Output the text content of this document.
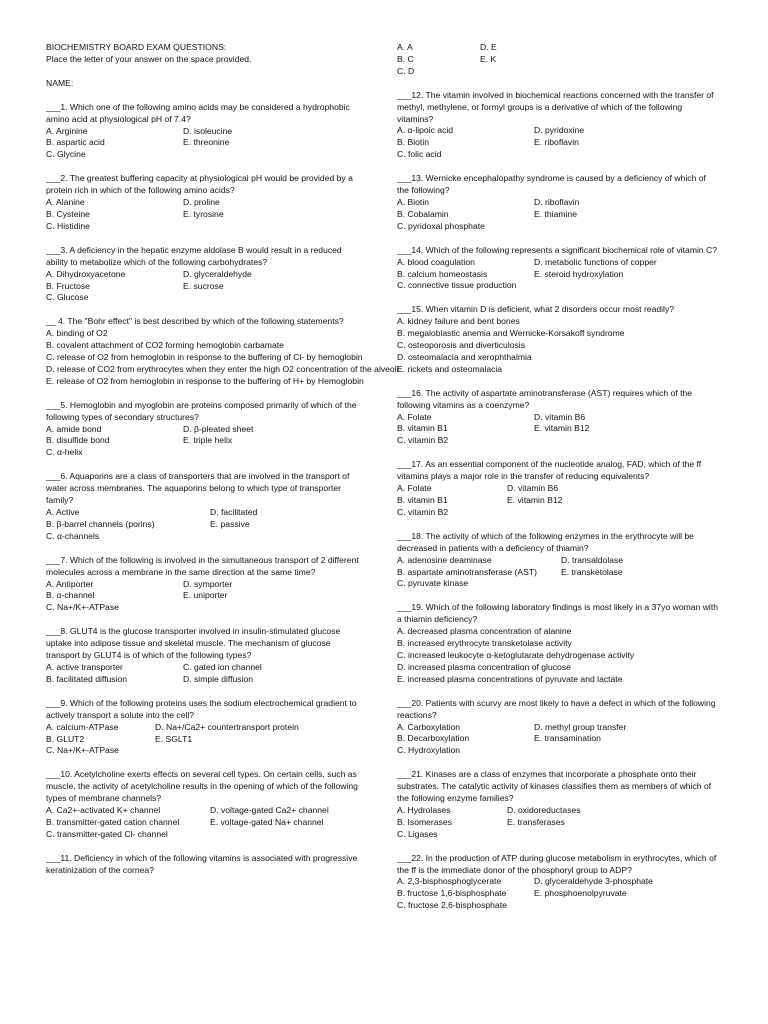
BIOCHEMISTRY BOARD EXAM QUESTIONS:
Place the letter of your answer on the space provided.
NAME:
___1. Which one of the following amino acids may be considered a hydrophobic amino acid at physiological pH of 7.4?
A. Arginine	D. isoleucine
B. aspartic acid	E. threonine
C. Glycine
___2. The greatest buffering capacity at physiological pH would be provided by a protein rich in which of the following amino acids?
A. Alanine	D. proline
B. Cysteine	E. tyrosine
C. Histidine
___3. A deficiency in the hepatic enzyme aldolase B would result in a reduced ability to metabolize which of the following carbohydrates?
A. Dihydroxyacetone	D. glyceraldehyde
B. Fructose	E. sucrose
C. Glucose
__ 4. The "Bohr effect" is best described by which of the following statements?
A. binding of O2
B. covalent attachment of CO2 forming hemoglobin carbamate
C. release of O2 from hemoglobin in response to the buffering of Cl- by hemoglobin
D. release of CO2 from erythrocytes when they enter the high O2 concentration of the alveoli
E. release of O2 from hemoglobin in response to the buffering of H+ by Hemoglobin
___5. Hemoglobin and myoglobin are proteins composed primarily of which of the following types of secondary structures?
A. amide bond	D. β-pleated sheet
B. disulfide bond	E. triple helix
C. α-helix
___6. Aquaporins are a class of transporters that are involved in the transport of water across membranes. The aquaporins belong to which type of transporter family?
A. Active	D. facilitated
B. β-barrel channels (porins)	E. passive
C. α-channels
___7. Which of the following is involved in the simultaneous transport of 2 different molecules across a membrane in the same direction at the same time?
A. Antiporter	D. symporter
B. α-channel	E. uniporter
C. Na+/K+-ATPase
___8. GLUT4 is the glucose transporter involved in insulin-stimulated glucose uptake into adipose tissue and skeletal muscle. The mechanism of glucose transport by GLUT4 is of which of the following types?
A. active transporter	C. gated ion channel
B. facilitated diffusion	D. simple diffusion
___9. Which of the following proteins uses the sodium electrochemical gradient to actively transport a solute into the cell?
A. calcium-ATPase	D. Na+/Ca2+ countertransport protein
B. GLUT2	E. SGLT1
C. Na+/K+-ATPase
___10. Acetylcholine exerts effects on several cell types. On certain cells, such as muscle, the activity of acetylcholine results in the opening of which of the following types of membrane channels?
A. Ca2+-activated K+ channel	D. voltage-gated Ca2+ channel
B. transmitter-gated cation channel	E. voltage-gated Na+ channel
C. transmitter-gated Cl- channel
___11. Deficiency in which of the following vitamins is associated with progressive keratinization of the cornea?
A. A	D. E
B. C	E. K
C. D
___12. The vitamin involved in biochemical reactions concerned with the transfer of methyl, methylene, or formyl groups is a derivative of which of the following vitamins?
A. α-lipoic acid	D. pyridoxine
B. Biotin	E. riboflavin
C. folic acid
___13. Wernicke encephalopathy syndrome is caused by a deficiency of which of the following?
A. Biotin	D. riboflavin
B. Cobalamin	E. thiamine
C. pyridoxal phosphate
___14. Which of the following represents a significant biochemical role of vitamin C?
A. blood coagulation	D. metabolic functions of copper
B. calcium homeostasis	E. steroid hydroxylation
C. connective tissue production
___15. When vitamin D is deficient, what 2 disorders occur most readily?
A. kidney failure and bent bones
B. megaloblastic anemia and Wernicke-Korsakoff syndrome
C. osteoporosis and diverticulosis
D. osteomalacia and xerophthalmia
E. rickets and osteomalacia
___16. The activity of aspartate aminotransferase (AST) requires which of the following vitamins as a coenzyme?
A. Folate	D. vitamin B6
B. vitamin B1	E. vitamin B12
C. vitamin B2
___17. As an essential component of the nucleotide analog, FAD, which of the ff vitamins plays a major role in the transfer of reducing equivalents?
A. Folate	D. vitamin B6
B. vitamin B1	E. vitamin B12
C. vitamin B2
___18. The activity of which of the following enzymes in the erythrocyte will be decreased in patients with a deficiency of thiamin?
A. adenosine deaminase	D. transaldolase
B. aspartate aminotransferase (AST)	E. transketolase
C. pyruvate kinase
___19. Which of the following laboratory findings is most likely in a 37yo woman with a thiamin deficiency?
A. decreased plasma concentration of alanine
B. increased erythrocyte transketolase activity
C. increased leukocyte α-ketoglutarate dehydrogenase activity
D. increased plasma concentration of glucose
E. increased plasma concentrations of pyruvate and lactate
___20. Patients with scurvy are most likely to have a defect in which of the following reactions?
A. Carboxylation	D. methyl group transfer
B. Decarboxylation	E. transamination
C. Hydroxylation
___21. Kinases are a class of enzymes that incorporate a phosphate onto their substrates. The catalytic activity of kinases classifies them as members of which of the following enzyme families?
A. Hydrolases	D. oxidoreductases
B. Isomerases	E. transferases
C. Ligases
___22. In the production of ATP during glucose metabolism in erythrocytes, which of the ff is the immediate donor of the phosphoryl group to ADP?
A. 2,3-bisphosphoglycerate	D. glyceraldehyde 3-phosphate
B. fructose 1,6-bisphosphate	E. phosphoenolpyruvate
C. fructose 2,6-bisphosphate
